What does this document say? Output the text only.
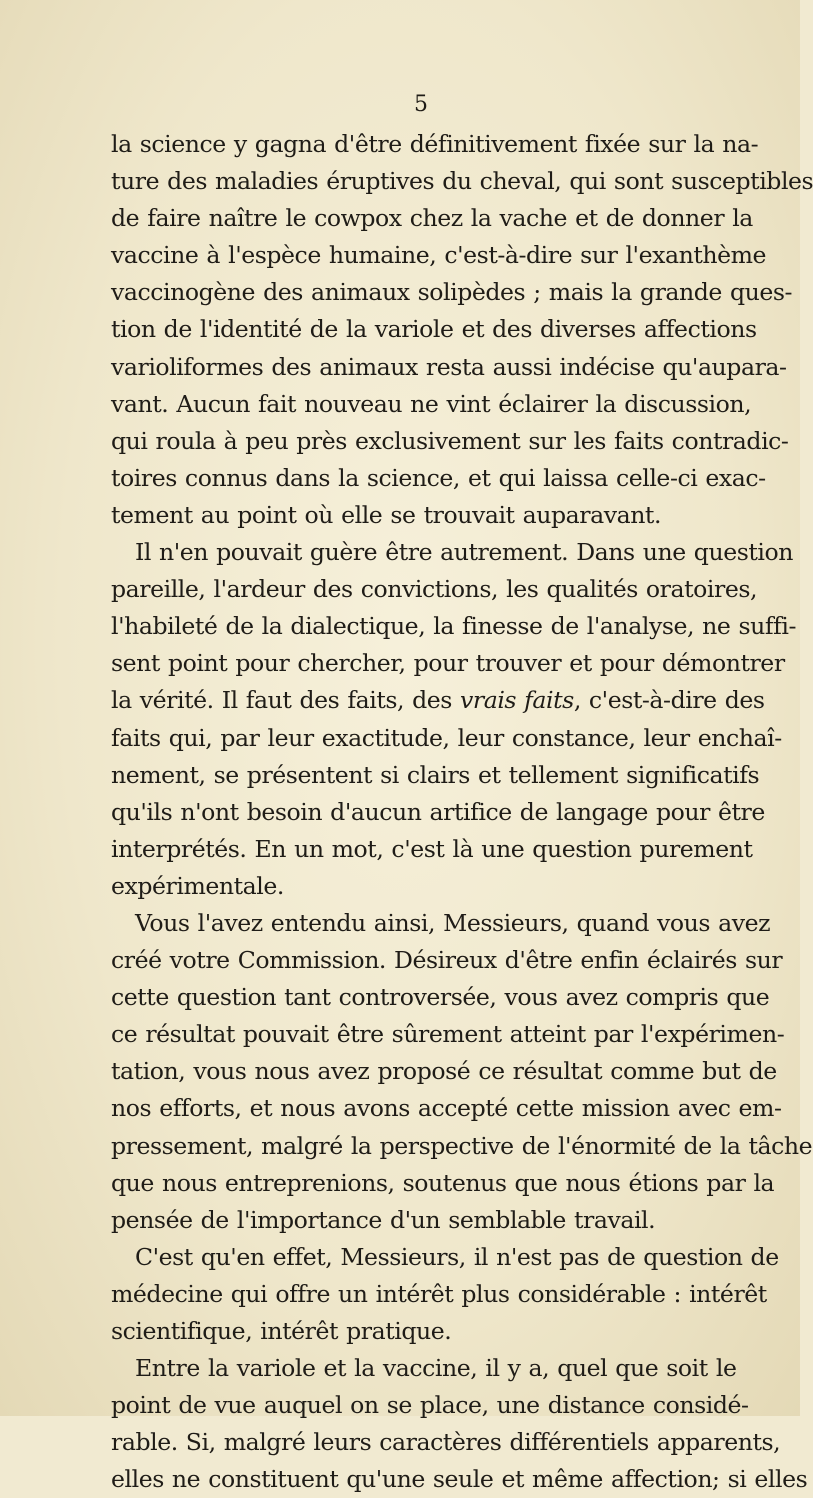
5
la science y gagna d'être définitivement fixée sur la na-
ture des maladies éruptives du cheval, qui sont susceptibles
de faire naître le cowpox chez la vache et de donner la
vaccine à l'espèce humaine, c'est-à-dire sur l'exanthème
vaccinogène des animaux solipèdes ; mais la grande ques-
tion de l'identité de la variole et des diverses affections
varioliformes des animaux resta aussi indécise qu'aupara-
vant. Aucun fait nouveau ne vint éclairer la discussion,
qui roula à peu près exclusivement sur les faits contradic-
toires connus dans la science, et qui laissa celle-ci exac-
tement au point où elle se trouvait auparavant.
Il n'en pouvait guère être autrement. Dans une question
pareille, l'ardeur des convictions, les qualités oratoires,
l'habileté de la dialectique, la finesse de l'analyse, ne suffi-
sent point pour chercher, pour trouver et pour démontrer
la vérité. Il faut des faits, des vrais faits, c'est-à-dire des
faits qui, par leur exactitude, leur constance, leur enchaî-
nement, se présentent si clairs et tellement significatifs
qu'ils n'ont besoin d'aucun artifice de langage pour être
interprétés. En un mot, c'est là une question purement
expérimentale.
Vous l'avez entendu ainsi, Messieurs, quand vous avez
créé votre Commission. Désireux d'être enfin éclairés sur
cette question tant controversée, vous avez compris que
ce résultat pouvait être sûrement atteint par l'expérimen-
tation, vous nous avez proposé ce résultat comme but de
nos efforts, et nous avons accepté cette mission avec em-
pressement, malgré la perspective de l'énormité de la tâche
que nous entreprenions, soutenus que nous étions par la
pensée de l'importance d'un semblable travail.
C'est qu'en effet, Messieurs, il n'est pas de question de
médecine qui offre un intérêt plus considérable : intérêt
scientifique, intérêt pratique.
Entre la variole et la vaccine, il y a, quel que soit le
point de vue auquel on se place, une distance considé-
rable. Si, malgré leurs caractères différentiels apparents,
elles ne constituent qu'une seule et même affection; si elles
